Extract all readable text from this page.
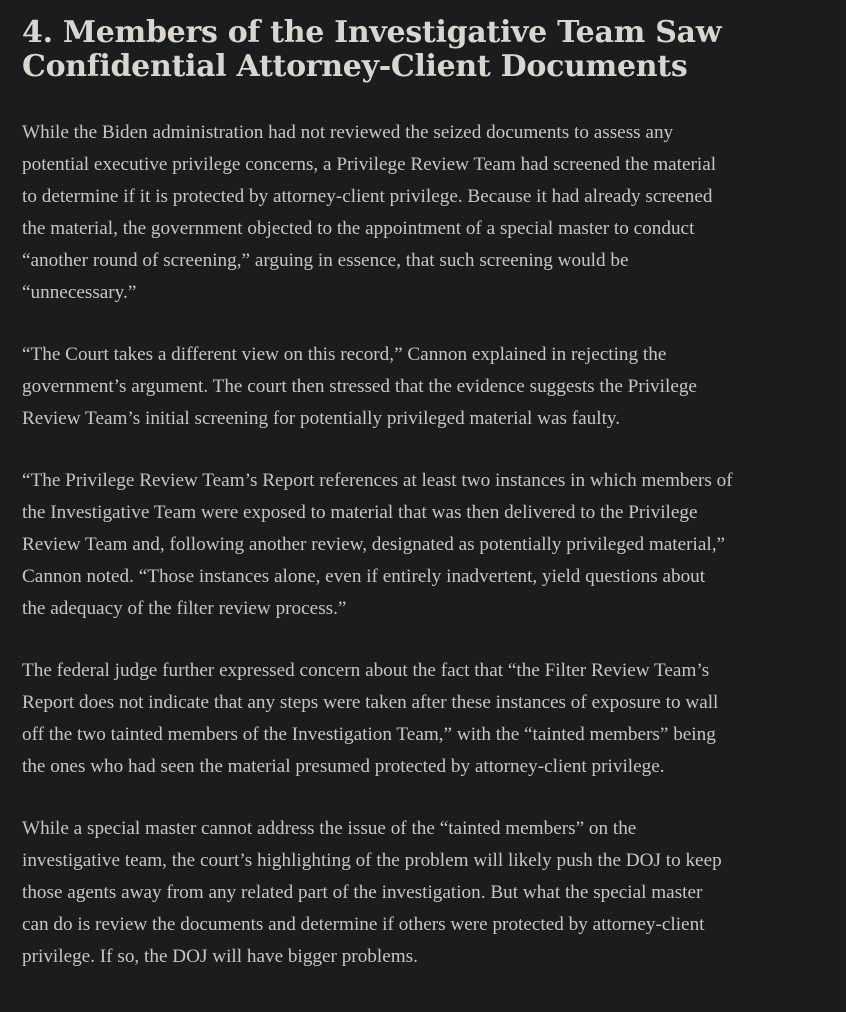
4. Members of the Investigative Team Saw
Confidential Attorney-Client Documents

While the Biden administration had not reviewed the seized documents to assess any
potential executive privilege concerns, a Privilege Review Team had screened the material
to determine if it is protected by attorney-client privilege. Because it had already screened
the material, the government objected to the appointment of a special master to conduct
“another round of screening,” arguing in essence, that such screening would be
“unnecessary.”

“The Court takes a different view on this record,” Cannon explained in rejecting the
government’s argument. The court then stressed that the evidence suggests the Privilege
Review Team’s initial screening for potentially privileged material was faulty.

“The Privilege Review Team’s Report references at least two instances in which members of
the Investigative Team were exposed to material that was then delivered to the Privilege
Review Team and, following another review, designated as potentially privileged material,”
Cannon noted. “Those instances alone, even if entirely inadvertent, yield questions about
the adequacy of the filter review process.”

The federal judge further expressed concern about the fact that “the Filter Review Team’s
Report does not indicate that any steps were taken after these instances of exposure to wall
off the two tainted members of the Investigation Team,” with the “tainted members” being
the ones who had seen the material presumed protected by attorney-client privilege.

While a special master cannot address the issue of the “tainted members” on the
investigative team, the court’s highlighting of the problem will likely push the DOJ to keep
those agents away from any related part of the investigation. But what the special master
can do is review the documents and determine if others were protected by attorney-client
privilege. If so, the DOJ will have bigger problems.
